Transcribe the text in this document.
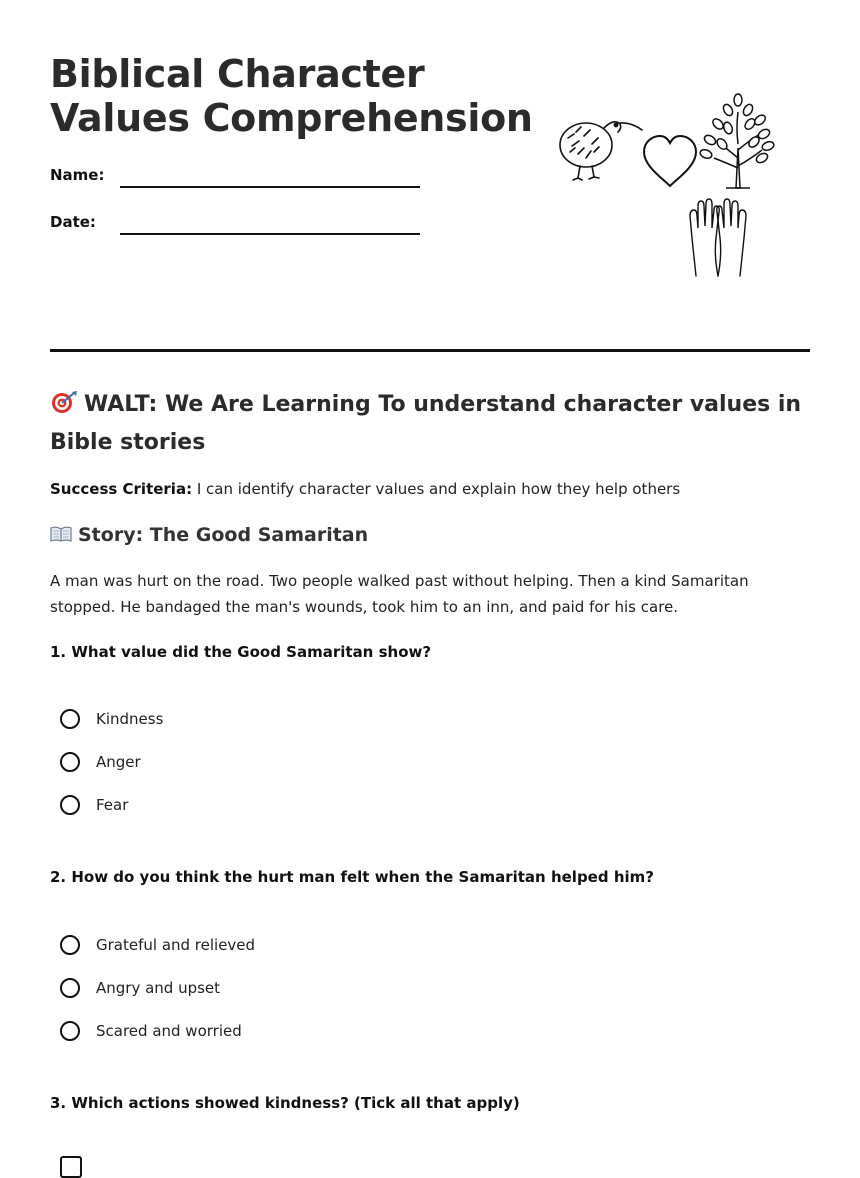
Biblical Character Values Comprehension
Name:
Date:
WALT: We Are Learning To understand character values in Bible stories
Success Criteria: I can identify character values and explain how they help others
Story: The Good Samaritan

A man was hurt on the road. Two people walked past without helping. Then a kind Samaritan stopped. He bandaged the man's wounds, took him to an inn, and paid for his care.

1. What value did the Good Samaritan show?

Kindness
Anger
Fear

2. How do you think the hurt man felt when the Samaritan helped him?

Grateful and relieved
Angry and upset
Scared and worried

3. Which actions showed kindness? (Tick all that apply)
